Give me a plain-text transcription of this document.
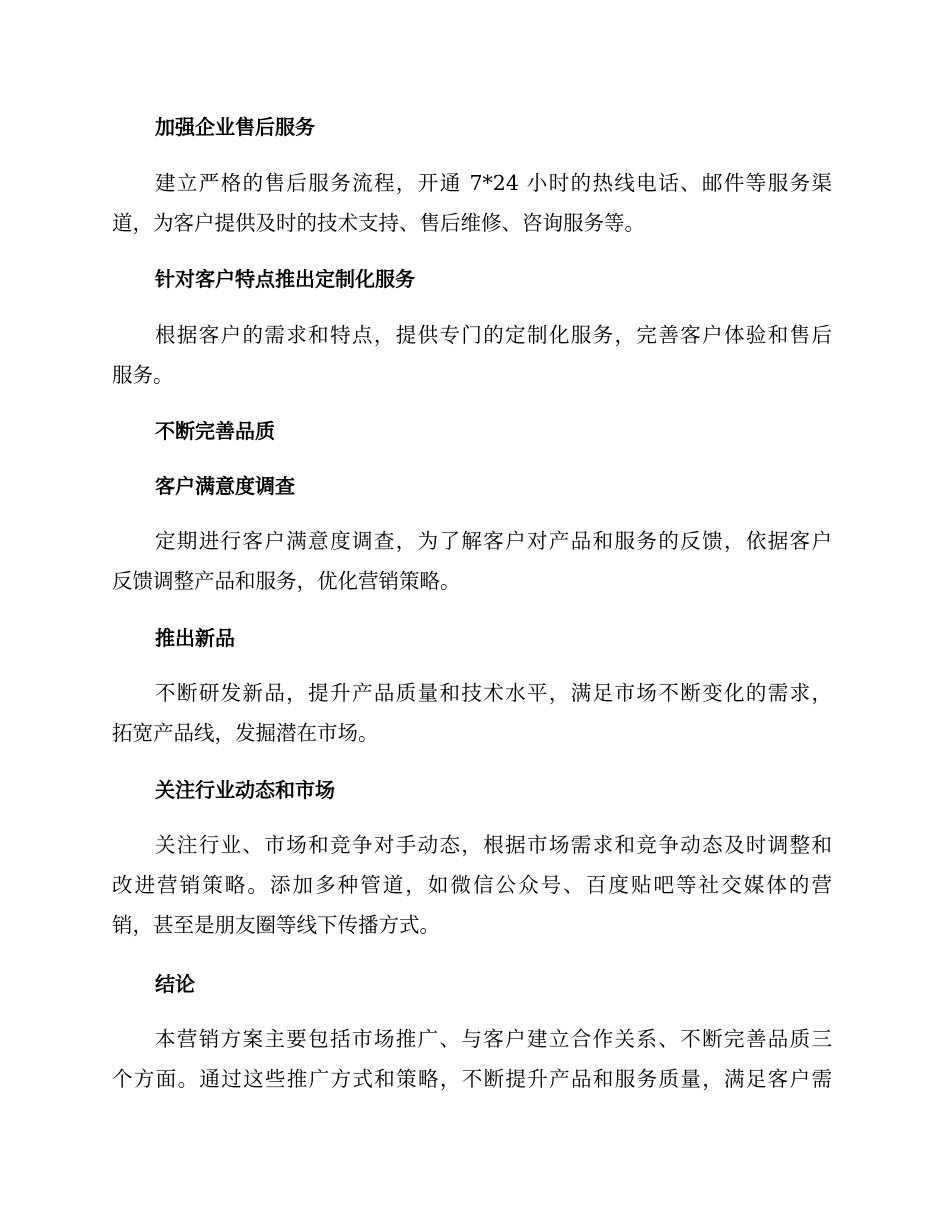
加强企业售后服务
建立严格的售后服务流程，开通 7*24 小时的热线电话、邮件等服务渠
道，为客户提供及时的技术支持、售后维修、咨询服务等。
针对客户特点推出定制化服务
根据客户的需求和特点，提供专门的定制化服务，完善客户体验和售后
服务。
不断完善品质
客户满意度调查
定期进行客户满意度调查，为了解客户对产品和服务的反馈，依据客户
反馈调整产品和服务，优化营销策略。
推出新品
不断研发新品，提升产品质量和技术水平，满足市场不断变化的需求，
拓宽产品线，发掘潜在市场。
关注行业动态和市场
关注行业、市场和竞争对手动态，根据市场需求和竞争动态及时调整和
改进营销策略。添加多种管道，如微信公众号、百度贴吧等社交媒体的营
销，甚至是朋友圈等线下传播方式。
结论
本营销方案主要包括市场推广、与客户建立合作关系、不断完善品质三
个方面。通过这些推广方式和策略，不断提升产品和服务质量，满足客户需
